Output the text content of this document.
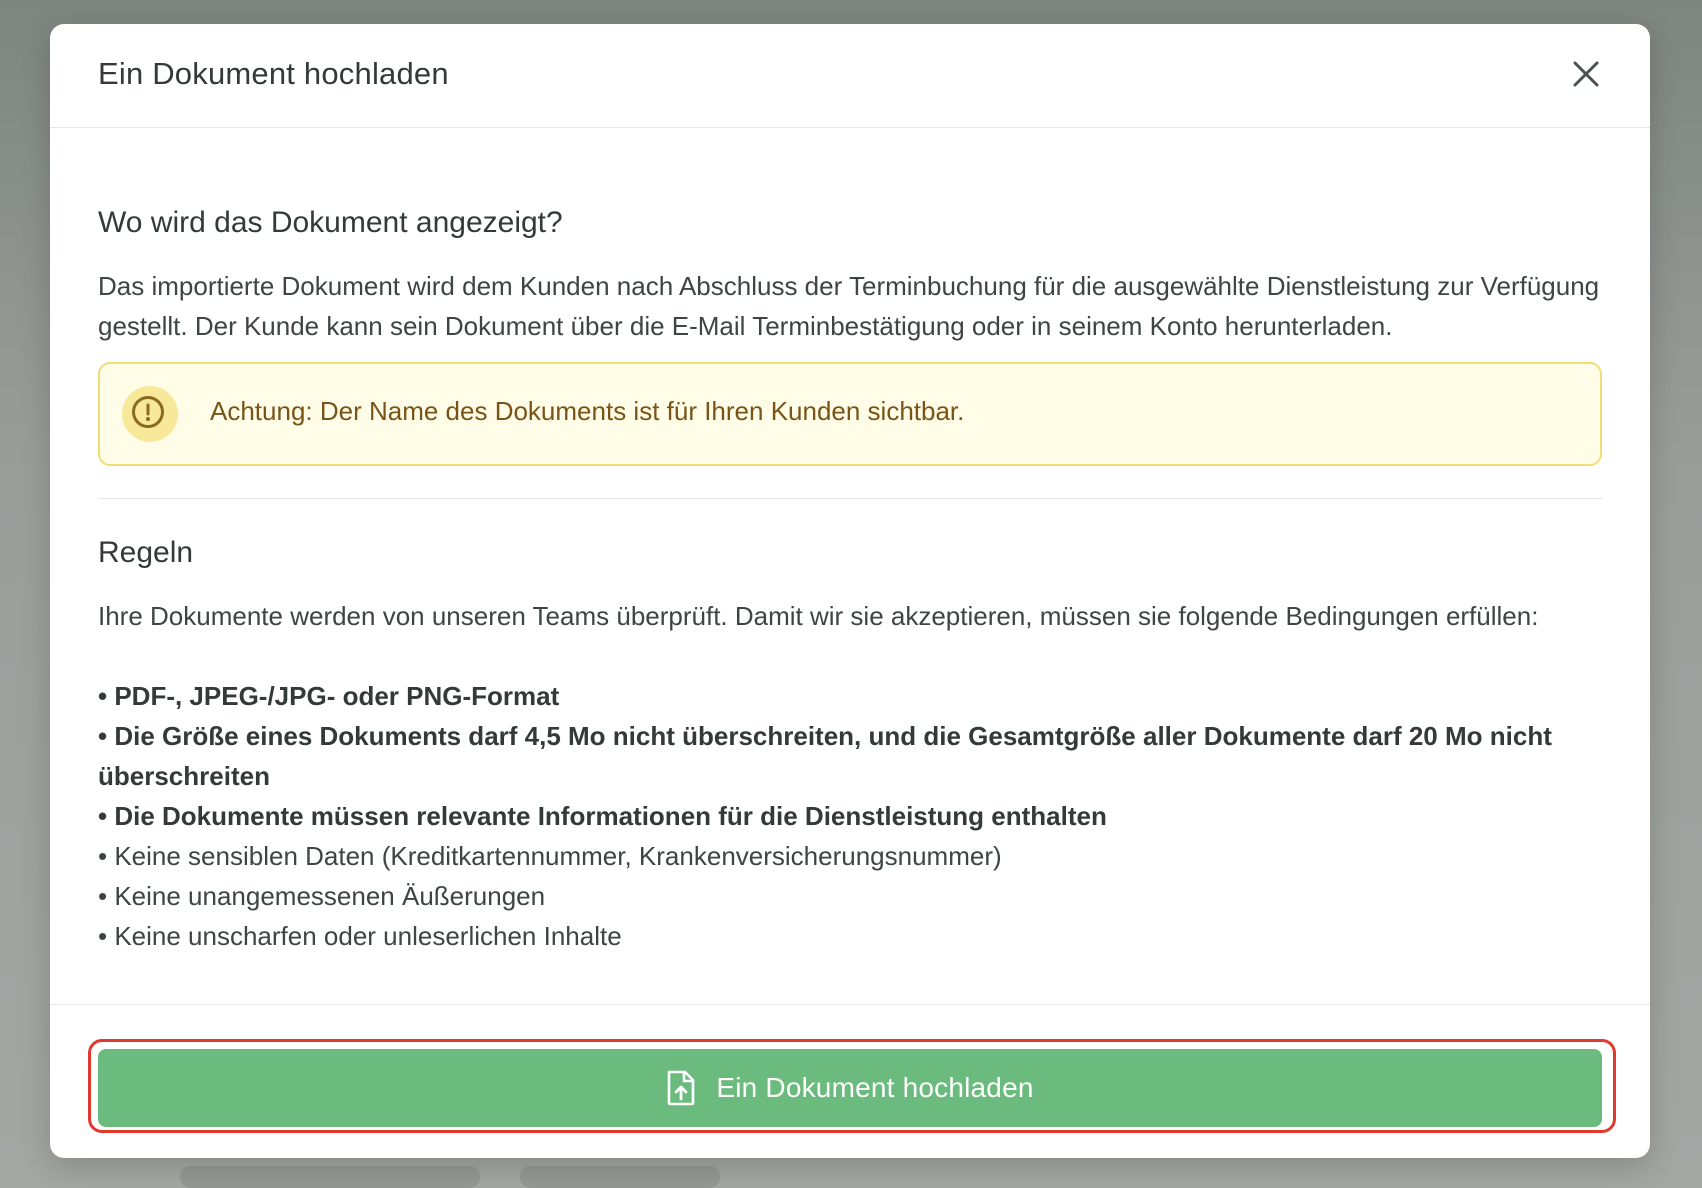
Ein Dokument hochladen
Wo wird das Dokument angezeigt?

Das importierte Dokument wird dem Kunden nach Abschluss der Terminbuchung für die ausgewählte Dienstleistung zur Verfügung gestellt. Der Kunde kann sein Dokument über die E-Mail Terminbestätigung oder in seinem Konto herunterladen.

Achtung: Der Name des Dokuments ist für Ihren Kunden sichtbar.
Regeln

Ihre Dokumente werden von unseren Teams überprüft. Damit wir sie akzeptieren, müssen sie folgende Bedingungen erfüllen:

• PDF-, JPEG-/JPG- oder PNG-Format
• Die Größe eines Dokuments darf 4,5 Mo nicht überschreiten, und die Gesamtgröße aller Dokumente darf 20 Mo nicht überschreiten
• Die Dokumente müssen relevante Informationen für die Dienstleistung enthalten
• Keine sensiblen Daten (Kreditkartennummer, Krankenversicherungsnummer)
• Keine unangemessenen Äußerungen
• Keine unscharfen oder unleserlichen Inhalte
Ein Dokument hochladen
